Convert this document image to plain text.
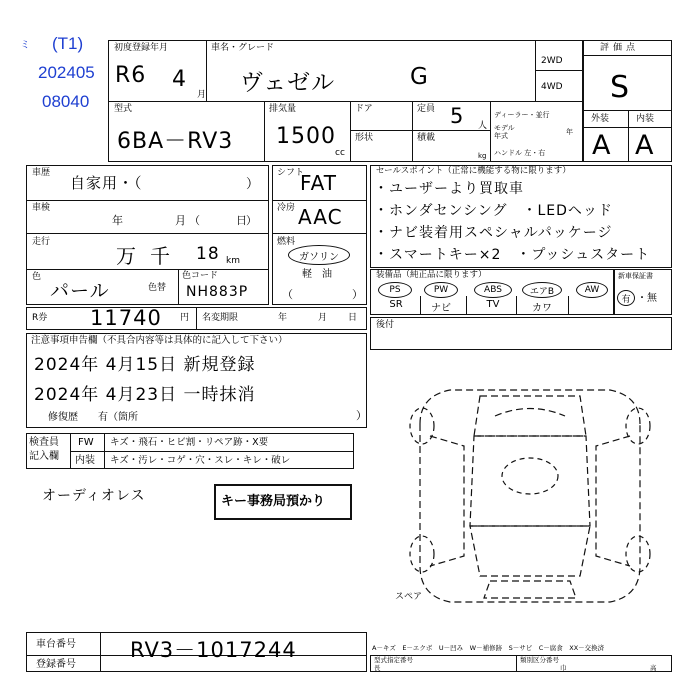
ミ (T1)
202405
08040
初度登録年月	車名・グレード
2WD
4WD
R6 4
月 ヴェゼル	G
型式	排気量	ドア	定員
ディーラー・並行
モデル
年式	年
形状	積載
ハンドル 左・右
6BA－RV3 1500
cc
5 人
kg
評価点
S
外装	内装
A A
車歴
自家用・（	）
車検
年	月 （	日 ）
走行
万 千 18 km
色
パール	色替
色コード
NH883P
シフト
FAT
冷房 AAC
燃料
ガソリン
軽　油
（	）
セールスポイント（正常に機能する物に限ります）
・ユーザーより買取車
・ホンダセンシング　・LEDヘッド
・ナビ装着用スペシャルパッケージ
・スマートキー×2　・プッシュスタート
装備品（純正品に限ります）
PS	PW	ABS	エアB	AW
SR	ナビ	TV	カワ
新車保証書
有 ・無
R券 11740 円 名変期限	年	月 日
後付
注意事項申告欄（不具合内容等は具体的に記入して下さい）
2024年 4月15日 新規登録
2024年 4月23日 一時抹消
修復歴　　有（箇所	）
検査員
記入欄
FW キズ・飛石・ヒビ割・リペア跡・X要
内装 キズ・汚レ・コゲ・穴・スレ・キレ・破レ
オーディオレス	キー事務局預かり
スペア
車台番号	RV3－1017244
登録番号
A－キズ　E－エクボ　U－凹み　W－補修跡　S－サビ　C－腐食　XX－交換済
型式指定番号	類別区分番号
長	巾	高
